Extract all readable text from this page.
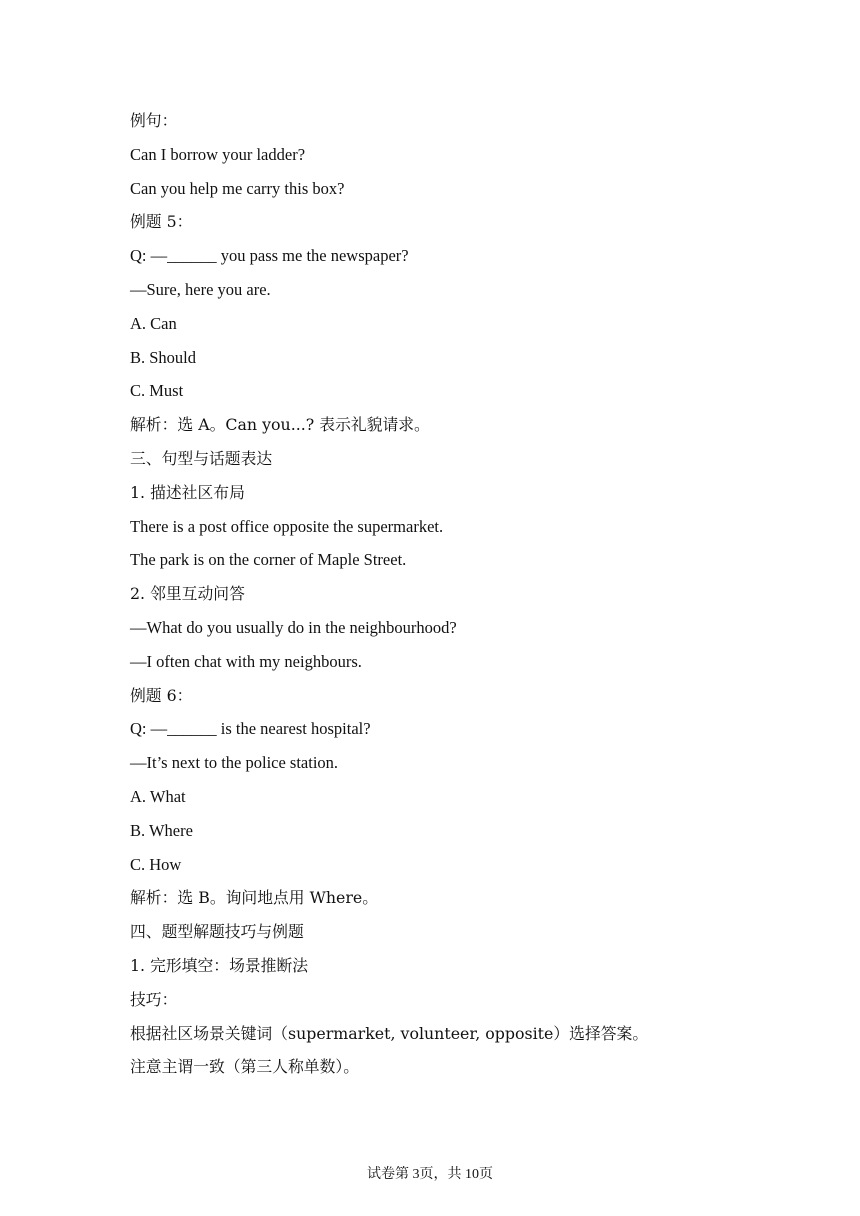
例句：
Can I borrow your ladder?
Can you help me carry this box?
例题 5：
Q: —______ you pass me the newspaper?
—Sure, here you are.
A. Can
B. Should
C. Must
解析：选 A。Can you...? 表示礼貌请求。
三、句型与话题表达
1. 描述社区布局
There is a post office opposite the supermarket.
The park is on the corner of Maple Street.
2. 邻里互动问答
—What do you usually do in the neighbourhood?
—I often chat with my neighbours.
例题 6：
Q: —______ is the nearest hospital?
—It’s next to the police station.
A. What
B. Where
C. How
解析：选 B。询问地点用 Where。
四、题型解题技巧与例题
1. 完形填空：场景推断法
技巧：
根据社区场景关键词（supermarket, volunteer, opposite）选择答案。
注意主谓一致（第三人称单数）。
试卷第 3页，共 10页
